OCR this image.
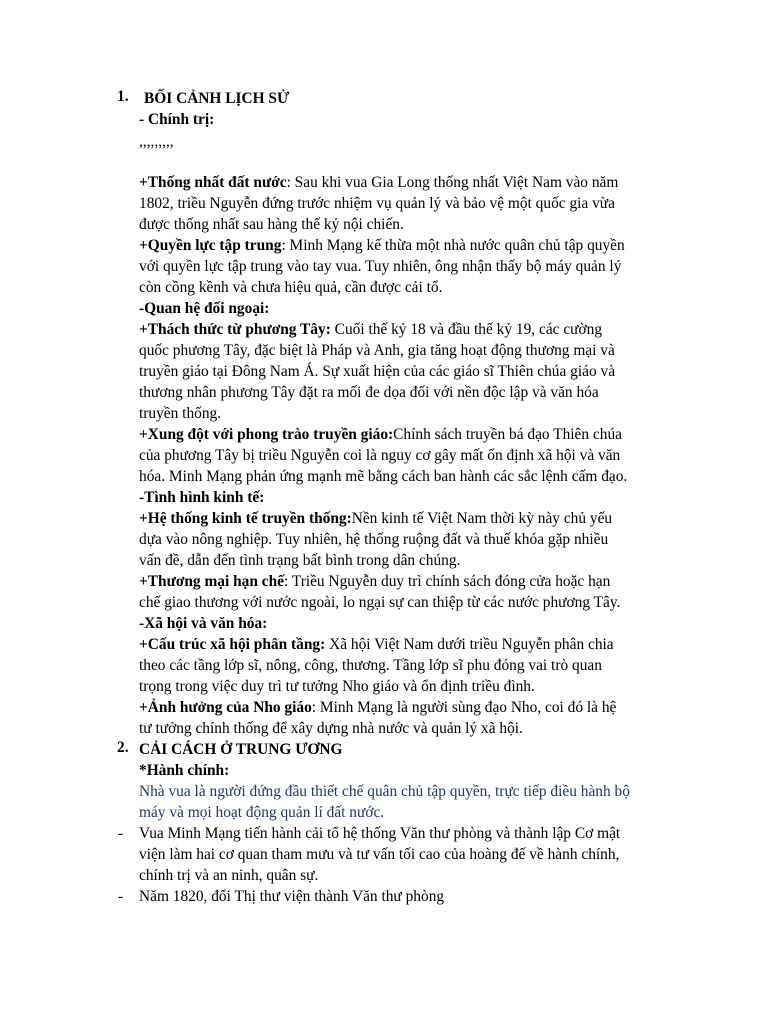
1. BỐI CẢNH LỊCH SỬ
- Chính trị:
,,,,,,,,,
+Thống nhất đất nước: Sau khi vua Gia Long thống nhất Việt Nam vào năm
1802, triều Nguyễn đứng trước nhiệm vụ quản lý và bảo vệ một quốc gia vừa
được thống nhất sau hàng thế kỷ nội chiến.
+Quyền lực tập trung: Minh Mạng kế thừa một nhà nước quân chủ tập quyền
với quyền lực tập trung vào tay vua. Tuy nhiên, ông nhận thấy bộ máy quản lý
còn cồng kềnh và chưa hiệu quả, cần được cải tổ.
-Quan hệ đối ngoại:
+Thách thức từ phương Tây: Cuối thế kỷ 18 và đầu thế kỷ 19, các cường
quốc phương Tây, đặc biệt là Pháp và Anh, gia tăng hoạt động thương mại và
truyền giáo tại Đông Nam Á. Sự xuất hiện của các giáo sĩ Thiên chúa giáo và
thương nhân phương Tây đặt ra mối đe dọa đối với nền độc lập và văn hóa
truyền thống.
+Xung đột với phong trào truyền giáo:Chính sách truyền bá đạo Thiên chúa
của phương Tây bị triều Nguyễn coi là nguy cơ gây mất ổn định xã hội và văn
hóa. Minh Mạng phản ứng mạnh mẽ bằng cách ban hành các sắc lệnh cấm đạo.
-Tình hình kinh tế:
+Hệ thống kinh tế truyền thống:Nền kinh tế Việt Nam thời kỳ này chủ yếu
dựa vào nông nghiệp. Tuy nhiên, hệ thống ruộng đất và thuế khóa gặp nhiều
vấn đề, dẫn đến tình trạng bất bình trong dân chúng.
+Thương mại hạn chế: Triều Nguyễn duy trì chính sách đóng cửa hoặc hạn
chế giao thương với nước ngoài, lo ngại sự can thiệp từ các nước phương Tây.
-Xã hội và văn hóa:
+Cấu trúc xã hội phân tầng: Xã hội Việt Nam dưới triều Nguyễn phân chia
theo các tầng lớp sĩ, nông, công, thương. Tầng lớp sĩ phu đóng vai trò quan
trọng trong việc duy trì tư tưởng Nho giáo và ổn định triều đình.
+Ảnh hưởng của Nho giáo: Minh Mạng là người sùng đạo Nho, coi đó là hệ
tư tưởng chính thống để xây dựng nhà nước và quản lý xã hội.
2. CẢI CÁCH Ở TRUNG ƯƠNG
*Hành chính:
Nhà vua là người đứng đầu thiết chế quân chủ tập quyền, trực tiếp điều hành bộ
máy và mọi hoạt động quản lí đất nước.
- Vua Minh Mạng tiến hành cải tổ hệ thống Văn thư phòng và thành lập Cơ mật
viện làm hai cơ quan tham mưu và tư vấn tối cao của hoàng đế về hành chính,
chính trị và an ninh, quân sự.
- Năm 1820, đổi Thị thư viện thành Văn thư phòng
